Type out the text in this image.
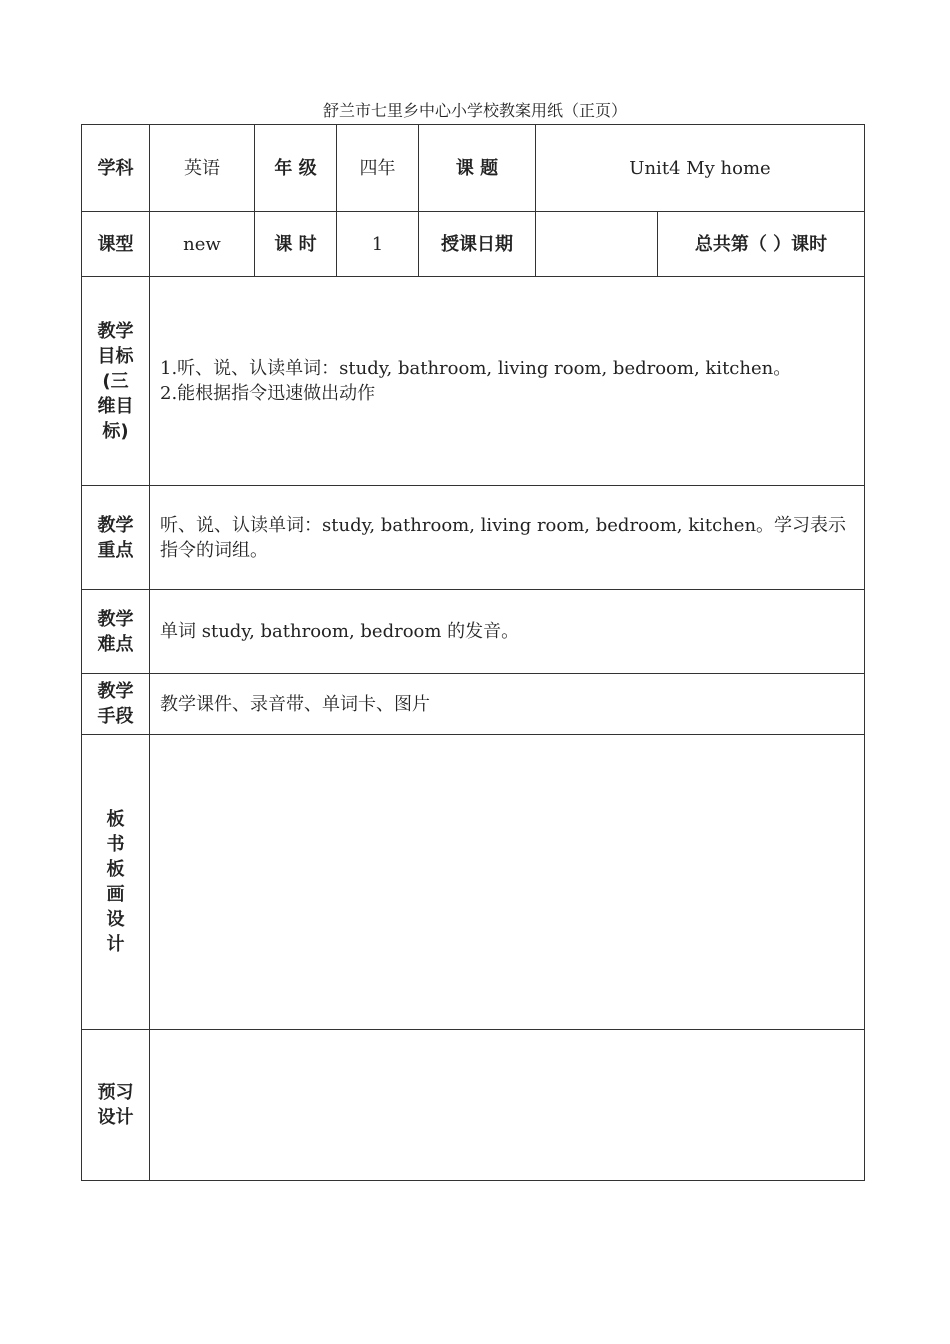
舒兰市七里乡中心小学校教案用纸（正页）
学科	英语	年 级	四年	课 题	Unit4 My home	
课型	new	课 时	1	授课日期		总共第（ ）课时
教学目标(三维目标)	1.听、说、认读单词：study, bathroom, living room, bedroom, kitchen。
2.能根据指令迅速做出动作					

教学重点	听、说、认读单词：study, bathroom, living room, bedroom, kitchen。学习表示指令的词组。					
教学难点	单词 study, bathroom, bedroom 的发音。					
教学手段	教学课件、录音带、单词卡、图片					
板书板画设计						
预习设计						
